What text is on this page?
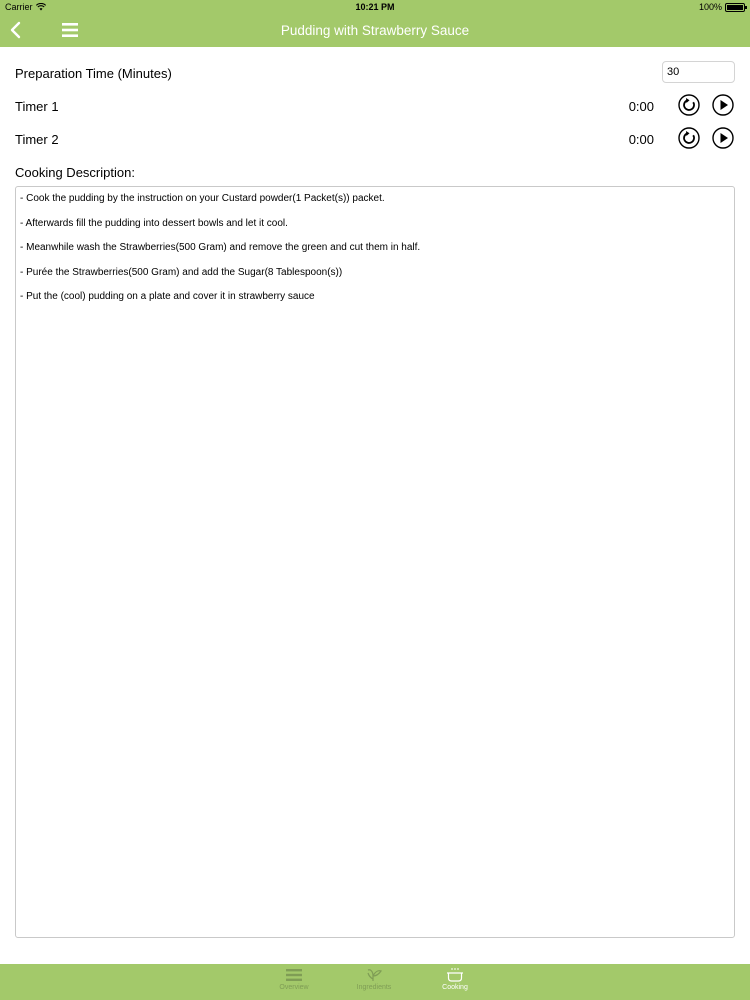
Carrier	10:21 PM	100%
Pudding with Strawberry Sauce
Preparation Time (Minutes)
30
Timer 1	0:00
Timer 2	0:00
Cooking Description:
- Cook the pudding by the instruction on your Custard powder(1 Packet(s)) packet.
- Afterwards fill the pudding into dessert bowls and let it cool.
- Meanwhile wash the Strawberries(500 Gram) and remove the green and cut them in half.
- Purée the Strawberries(500 Gram) and add the Sugar(8 Tablespoon(s))
- Put the (cool) pudding on a plate and cover it in strawberry sauce
Overview	Ingredients	Cooking
